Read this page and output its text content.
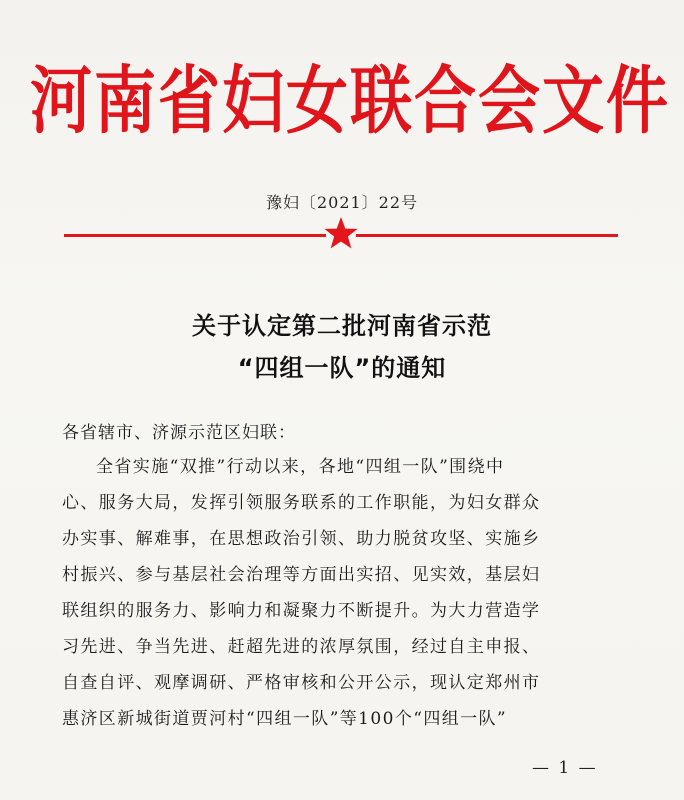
河南省妇女联合会文件
豫妇〔2021〕22号
关于认定第二批河南省示范
“四组一队”的通知
各省辖市、济源示范区妇联：
全省实施“双推”行动以来，各地“四组一队”围绕中
心、服务大局，发挥引领服务联系的工作职能，为妇女群众
办实事、解难事，在思想政治引领、助力脱贫攻坚、实施乡
村振兴、参与基层社会治理等方面出实招、见实效，基层妇
联组织的服务力、影响力和凝聚力不断提升。为大力营造学
习先进、争当先进、赶超先进的浓厚氛围，经过自主申报、
自查自评、观摩调研、严格审核和公开公示，现认定郑州市
惠济区新城街道贾河村“四组一队”等100个“四组一队”
— 1 —
